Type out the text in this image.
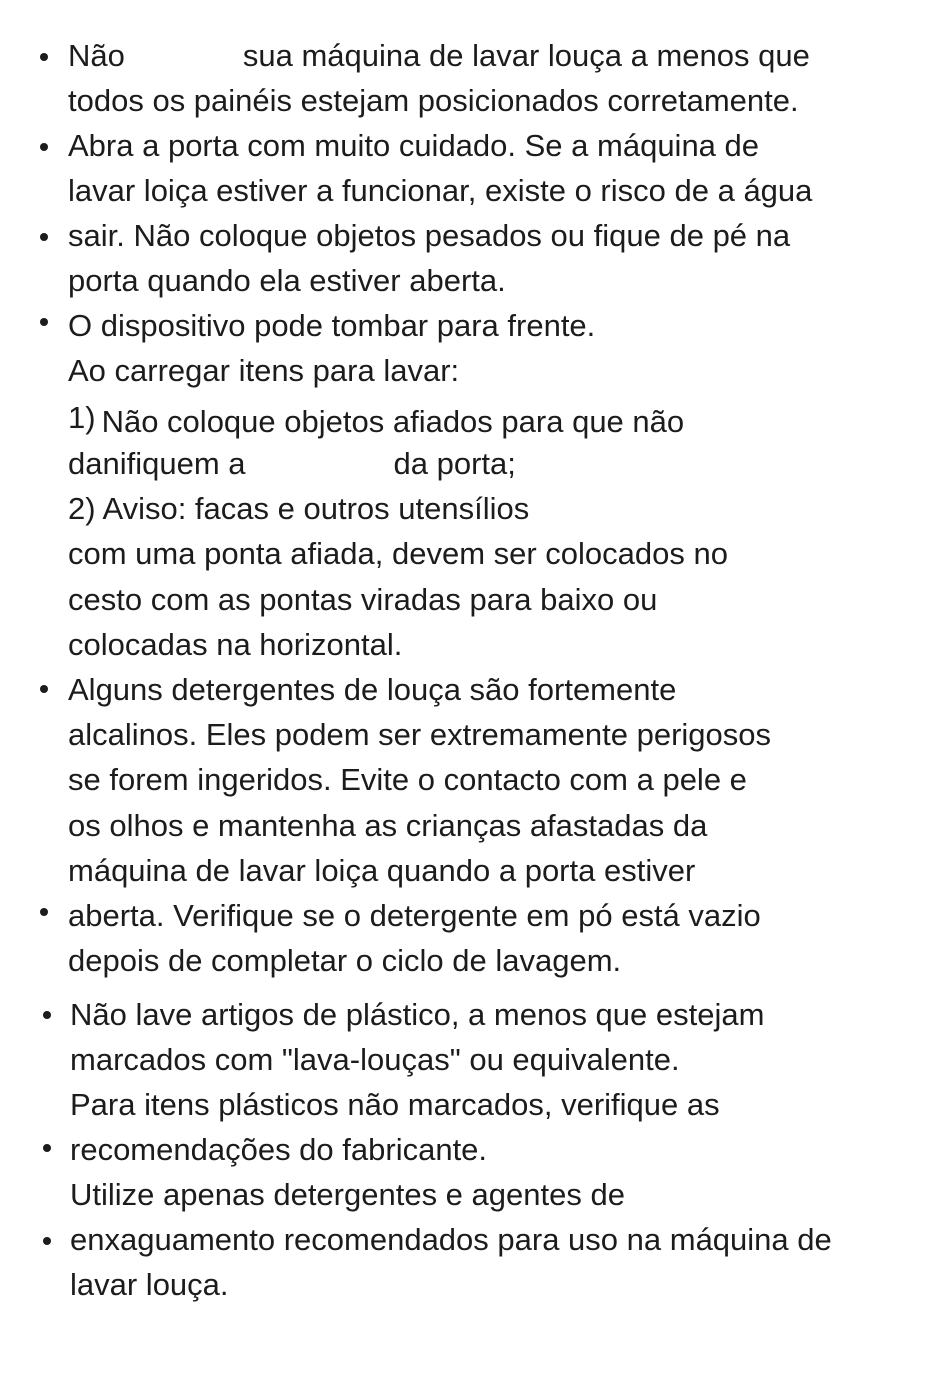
Não	sua máquina de lavar louça a menos que
todos os painéis estejam posicionados corretamente.
Abra a porta com muito cuidado. Se a máquina de
lavar loiça estiver a funcionar, existe o risco de a água
sair. Não coloque objetos pesados ou fique de pé na
porta quando ela estiver aberta.
O dispositivo pode tombar para frente.
Ao carregar itens para lavar:
1) Não coloque objetos afiados para que não
danifiquem a	da porta;
2) Aviso: facas e outros utensílios
com uma ponta afiada, devem ser colocados no
cesto com as pontas viradas para baixo ou
colocadas na horizontal.
Alguns detergentes de louça são fortemente
alcalinos. Eles podem ser extremamente perigosos
se forem ingeridos. Evite o contacto com a pele e
os olhos e mantenha as crianças afastadas da
máquina de lavar loiça quando a porta estiver
aberta. Verifique se o detergente em pó está vazio
depois de completar o ciclo de lavagem.
Não lave artigos de plástico, a menos que estejam
marcados com "lava-louças" ou equivalente.
Para itens plásticos não marcados, verifique as
recomendações do fabricante.
Utilize apenas detergentes e agentes de
enxaguamento recomendados para uso na máquina de
lavar louça.
